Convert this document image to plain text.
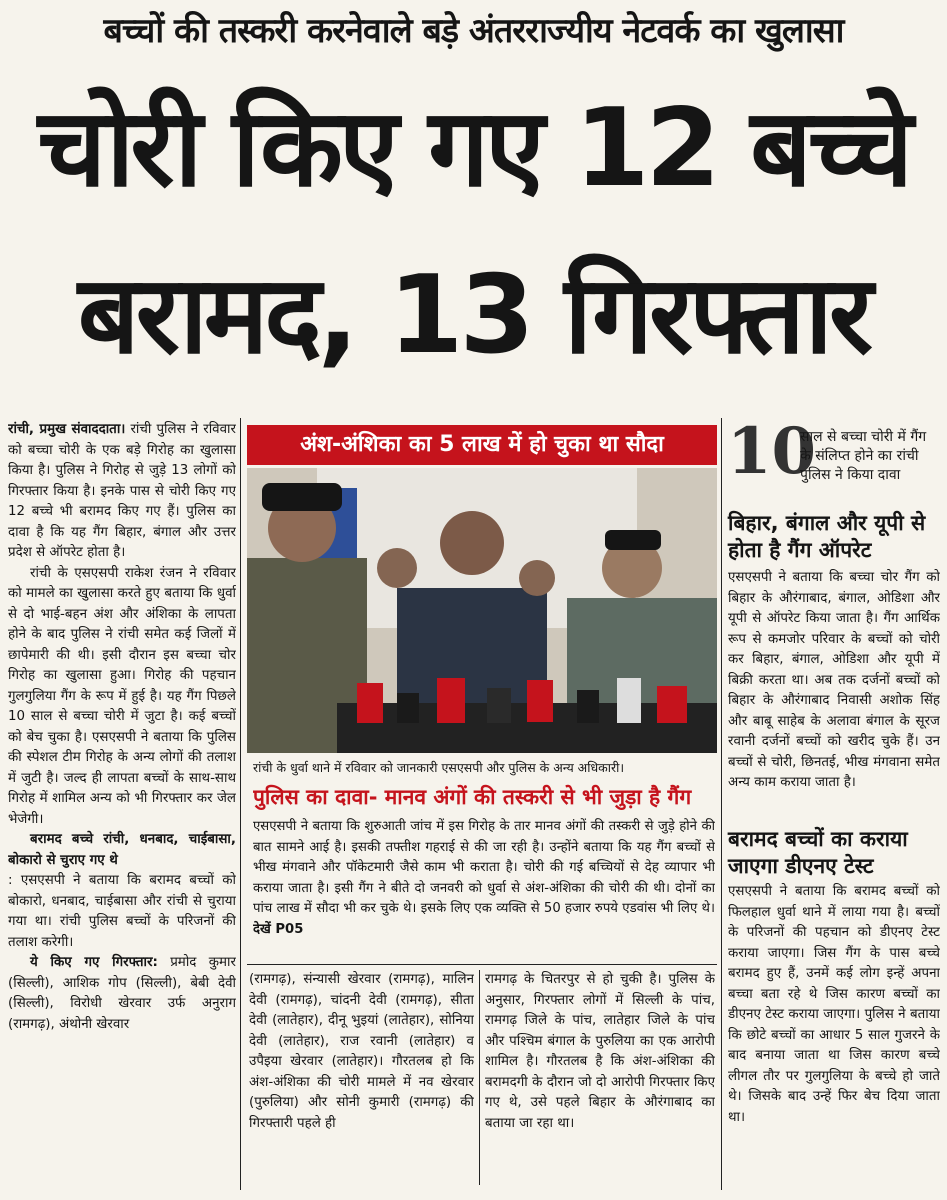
बच्चों की तस्करी करनेवाले बड़े अंतरराज्यीय नेटवर्क का खुलासा
चोरी किए गए 12 बच्चे
बरामद, 13 गिरफ्तार

रांची, प्रमुख संवाददाता। रांची पुलिस ने रविवार को बच्चा चोरी के एक बड़े गिरोह का खुलासा किया है। पुलिस ने गिरोह से जुड़े 13 लोगों को गिरफ्तार किया है। इनके पास से चोरी किए गए 12 बच्चे भी बरामद किए गए हैं। पुलिस का दावा है कि यह गैंग बिहार, बंगाल और उत्तर प्रदेश से ऑपरेट होता है।

रांची के एसएसपी राकेश रंजन ने रविवार को मामले का खुलासा करते हुए बताया कि धुर्वा से दो भाई-बहन अंश और अंशिका के लापता होने के बाद पुलिस ने रांची समेत कई जिलों में छापेमारी की थी। इसी दौरान इस बच्चा चोर गिरोह का खुलासा हुआ। गिरोह की पहचान गुलगुलिया गैंग के रूप में हुई है। यह गैंग पिछले 10 साल से बच्चा चोरी में जुटा है। कई बच्चों को बेच चुका है। एसएसपी ने बताया कि पुलिस की स्पेशल टीम गिरोह के अन्य लोगों की तलाश में जुटी है। जल्द ही लापता बच्चों के साथ-साथ गिरोह में शामिल अन्य को भी गिरफ्तार कर जेल भेजेगी।

बरामद बच्चे रांची, धनबाद, चाईबासा, बोकारो से चुराए गए थे

: एसएसपी ने बताया कि बरामद बच्चों को बोकारो, धनबाद, चाईबासा और रांची से चुराया गया था। रांची पुलिस बच्चों के परिजनों की तलाश करेगी।

ये किए गए गिरफ्तार: प्रमोद कुमार (सिल्ली), आशिक गोप (सिल्ली), बेबी देवी (सिल्ली), विरोधी खेरवार उर्फ अनुराग (रामगढ़), अंथोनी खेरवार

अंश-अंशिका का 5 लाख में हो चुका था सौदा
रांची के धुर्वा थाने में रविवार को जानकारी एसएसपी और पुलिस के अन्य अधिकारी।
पुलिस का दावा- मानव अंगों की तस्करी से भी जुड़ा है गैंग

एसएसपी ने बताया कि शुरुआती जांच में इस गिरोह के तार मानव अंगों की तस्करी से जुड़े होने की बात सामने आई है। इसकी तफ्तीश गहराई से की जा रही है। उन्होंने बताया कि यह गैंग बच्चों से भीख मंगवाने और पॉकेटमारी जैसे काम भी कराता है। चोरी की गई बच्चियों से देह व्यापार भी कराया जाता है। इसी गैंग ने बीते दो जनवरी को धुर्वा से अंश-अंशिका की चोरी की थी। दोनों का पांच लाख में सौदा भी कर चुके थे। इसके लिए एक व्यक्ति से 50 हजार रुपये एडवांस भी लिए थे। देखें P05

(रामगढ़), संन्यासी खेरवार (रामगढ़), मालिन देवी (रामगढ़), चांदनी देवी (रामगढ़), सीता देवी (लातेहार), दीनू भुइयां (लातेहार), सोनिया देवी (लातेहार), राज रवानी (लातेहार) व उपैइया खेरवार (लातेहार)। गौरतलब हो कि अंश-अंशिका की चोरी मामले में नव खेरवार (पुरुलिया) और सोनी कुमारी (रामगढ़) की गिरफ्तारी पहले ही
रामगढ़ के चितरपुर से हो चुकी है। पुलिस के अनुसार, गिरफ्तार लोगों में सिल्ली के पांच, रामगढ़ जिले के पांच, लातेहार जिले के पांच और पश्चिम बंगाल के पुरुलिया का एक आरोपी शामिल है। गौरतलब है कि अंश-अंशिका की बरामदगी के दौरान जो दो आरोपी गिरफ्तार किए गए थे, उसे पहले बिहार के औरंगाबाद का बताया जा रहा था।
10
साल से बच्चा चोरी में गैंग के संलिप्त होने का रांची पुलिस ने किया दावा
बिहार, बंगाल और यूपी से होता है गैंग ऑपरेट
एसएसपी ने बताया कि बच्चा चोर गैंग को बिहार के औरंगाबाद, बंगाल, ओडिशा और यूपी से ऑपरेट किया जाता है। गैंग आर्थिक रूप से कमजोर परिवार के बच्चों को चोरी कर बिहार, बंगाल, ओडिशा और यूपी में बिक्री करता था। अब तक दर्जनों बच्चों को बिहार के औरंगाबाद निवासी अशोक सिंह और बाबू साहेब के अलावा बंगाल के सूरज रवानी दर्जनों बच्चों को खरीद चुके हैं। उन बच्चों से चोरी, छिनतई, भीख मंगवाना समेत अन्य काम कराया जाता है।
बरामद बच्चों का कराया जाएगा डीएनए टेस्ट
एसएसपी ने बताया कि बरामद बच्चों को फिलहाल धुर्वा थाने में लाया गया है। बच्चों के परिजनों की पहचान को डीएनए टेस्ट कराया जाएगा। जिस गैंग के पास बच्चे बरामद हुए हैं, उनमें कई लोग इन्हें अपना बच्चा बता रहे थे जिस कारण बच्चों का डीएनए टेस्ट कराया जाएगा। पुलिस ने बताया कि छोटे बच्चों का आधार 5 साल गुजरने के बाद बनाया जाता था जिस कारण बच्चे लीगल तौर पर गुलगुलिया के बच्चे हो जाते थे। जिसके बाद उन्हें फिर बेच दिया जाता था।
